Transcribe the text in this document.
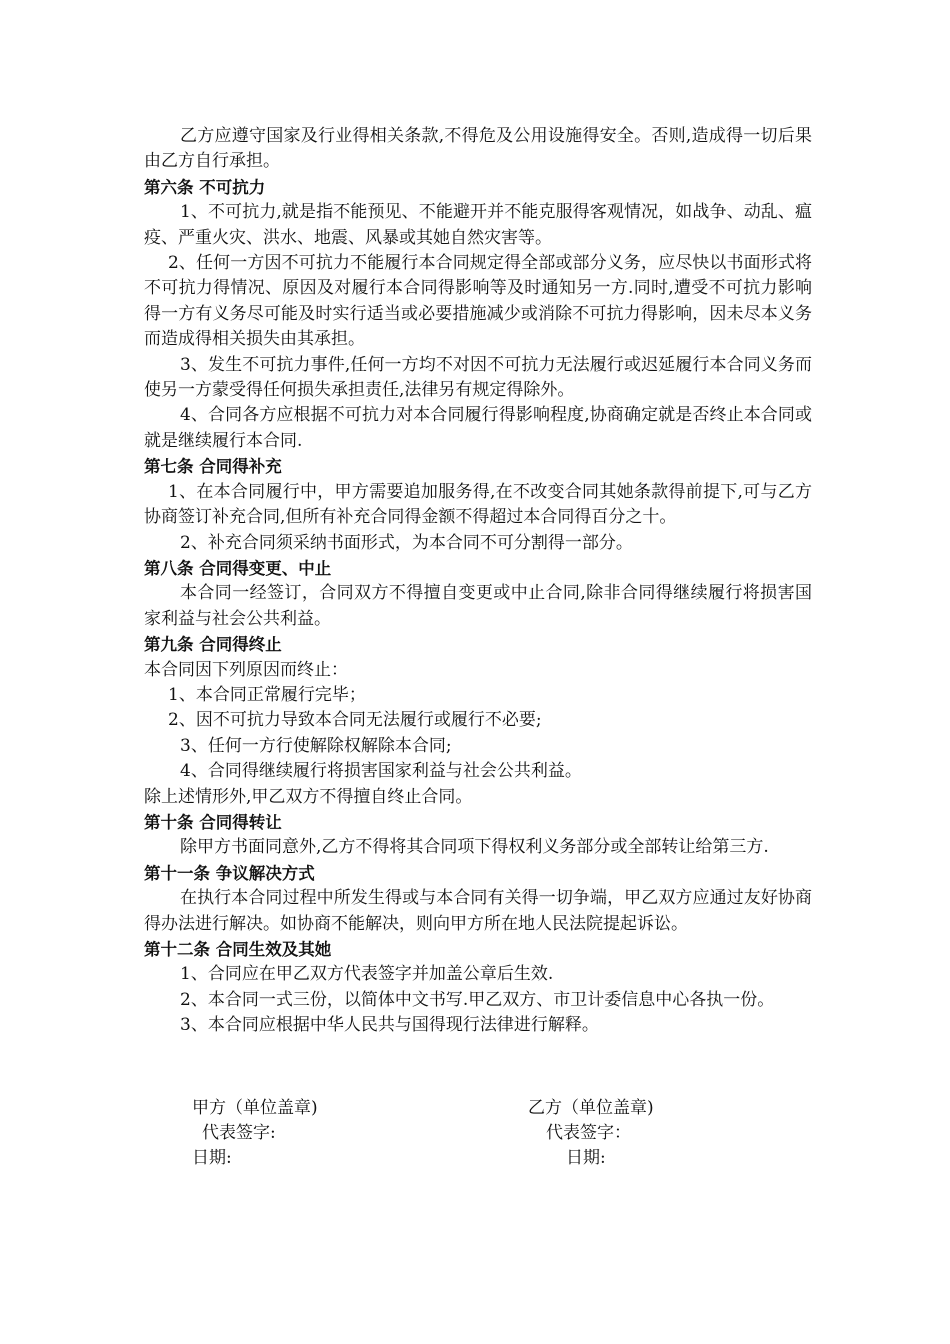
乙方应遵守国家及行业得相关条款,不得危及公用设施得安全。否则,造成得一切后果由乙方自行承担。

第六条 不可抗力

1、不可抗力,就是指不能预见、不能避开并不能克服得客观情况，如战争、动乱、瘟疫、严重火灾、洪水、地震、风暴或其她自然灾害等。

2、任何一方因不可抗力不能履行本合同规定得全部或部分义务，应尽快以书面形式将不可抗力得情况、原因及对履行本合同得影响等及时通知另一方.同时,遭受不可抗力影响得一方有义务尽可能及时实行适当或必要措施减少或消除不可抗力得影响，因未尽本义务而造成得相关损失由其承担。

3、发生不可抗力事件,任何一方均不对因不可抗力无法履行或迟延履行本合同义务而使另一方蒙受得任何损失承担责任,法律另有规定得除外。

4、合同各方应根据不可抗力对本合同履行得影响程度,协商确定就是否终止本合同或就是继续履行本合同.

第七条 合同得补充

1、在本合同履行中，甲方需要追加服务得,在不改变合同其她条款得前提下,可与乙方协商签订补充合同,但所有补充合同得金额不得超过本合同得百分之十。

2、补充合同须采纳书面形式，为本合同不可分割得一部分。

第八条 合同得变更、中止

本合同一经签订，合同双方不得擅自变更或中止合同,除非合同得继续履行将损害国家利益与社会公共利益。

第九条 合同得终止

本合同因下列原因而终止：

1、本合同正常履行完毕；

2、因不可抗力导致本合同无法履行或履行不必要;

3、任何一方行使解除权解除本合同;

4、合同得继续履行将损害国家利益与社会公共利益。

除上述情形外,甲乙双方不得擅自终止合同。

第十条 合同得转让

除甲方书面同意外,乙方不得将其合同项下得权利义务部分或全部转让给第三方.

第十一条 争议解决方式

在执行本合同过程中所发生得或与本合同有关得一切争端，甲乙双方应通过友好协商得办法进行解决。如协商不能解决，则向甲方所在地人民法院提起诉讼。

第十二条 合同生效及其她

1、合同应在甲乙双方代表签字并加盖公章后生效.

2、本合同一式三份，以简体中文书写.甲乙双方、市卫计委信息中心各执一份。

3、本合同应根据中华人民共与国得现行法律进行解释。

甲方（单位盖章)	乙方（单位盖章)
代表签字:	代表签字：
日期:	日期:
